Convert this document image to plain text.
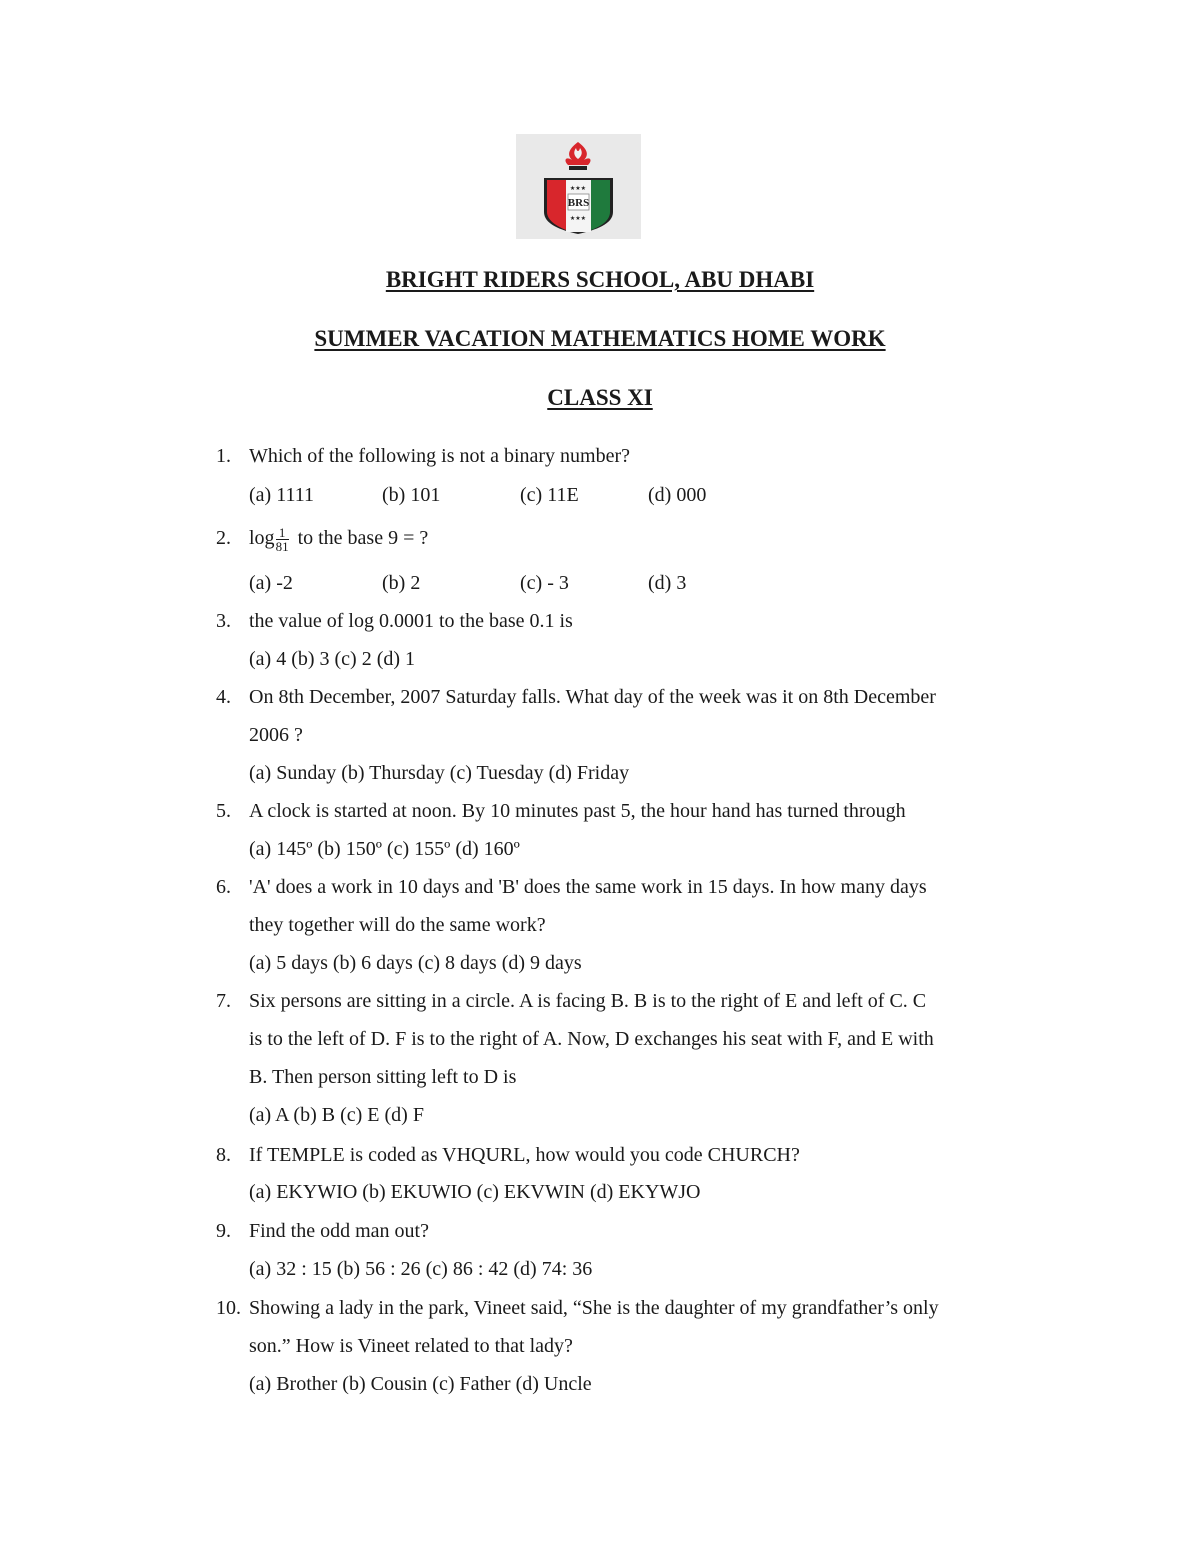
★★★
BRS
★★★
BRIGHT RIDERS SCHOOL, ABU DHABI
SUMMER VACATION MATHEMATICS HOME WORK
CLASS XI
1. Which of the following is not a binary number?
(a) 1111	(b) 101	(c) 11E	(d) 000
2. $\log \frac{1}{81}$ to the base 9 = ?
(a) -2	(b) 2	(c) - 3	(d) 3
3. the value of log 0.0001 to the base 0.1 is
(a) 4 (b) 3 (c) 2 (d) 1
4. On 8th December, 2007 Saturday falls. What day of the week was it on 8th December
2006 ?
(a) Sunday (b) Thursday (c) Tuesday (d) Friday
5. A clock is started at noon. By 10 minutes past 5, the hour hand has turned through
(a) 145º (b) 150º (c) 155º (d) 160º
6. 'A' does a work in 10 days and 'B' does the same work in 15 days. In how many days
they together will do the same work?
(a) 5 days (b) 6 days (c) 8 days (d) 9 days
7. Six persons are sitting in a circle. A is facing B. B is to the right of E and left of C. C
is to the left of D. F is to the right of A. Now, D exchanges his seat with F, and E with
B. Then person sitting left to D is
(a) A (b) B (c) E (d) F
8. If TEMPLE is coded as VHQURL, how would you code CHURCH?
(a) EKYWIO (b) EKUWIO (c) EKVWIN (d) EKYWJO
9. Find the odd man out?
(a) 32 : 15 (b) 56 : 26 (c) 86 : 42 (d) 74: 36
10. Showing a lady in the park, Vineet said, “She is the daughter of my grandfather’s only
son.” How is Vineet related to that lady?
(a) Brother (b) Cousin (c) Father (d) Uncle
